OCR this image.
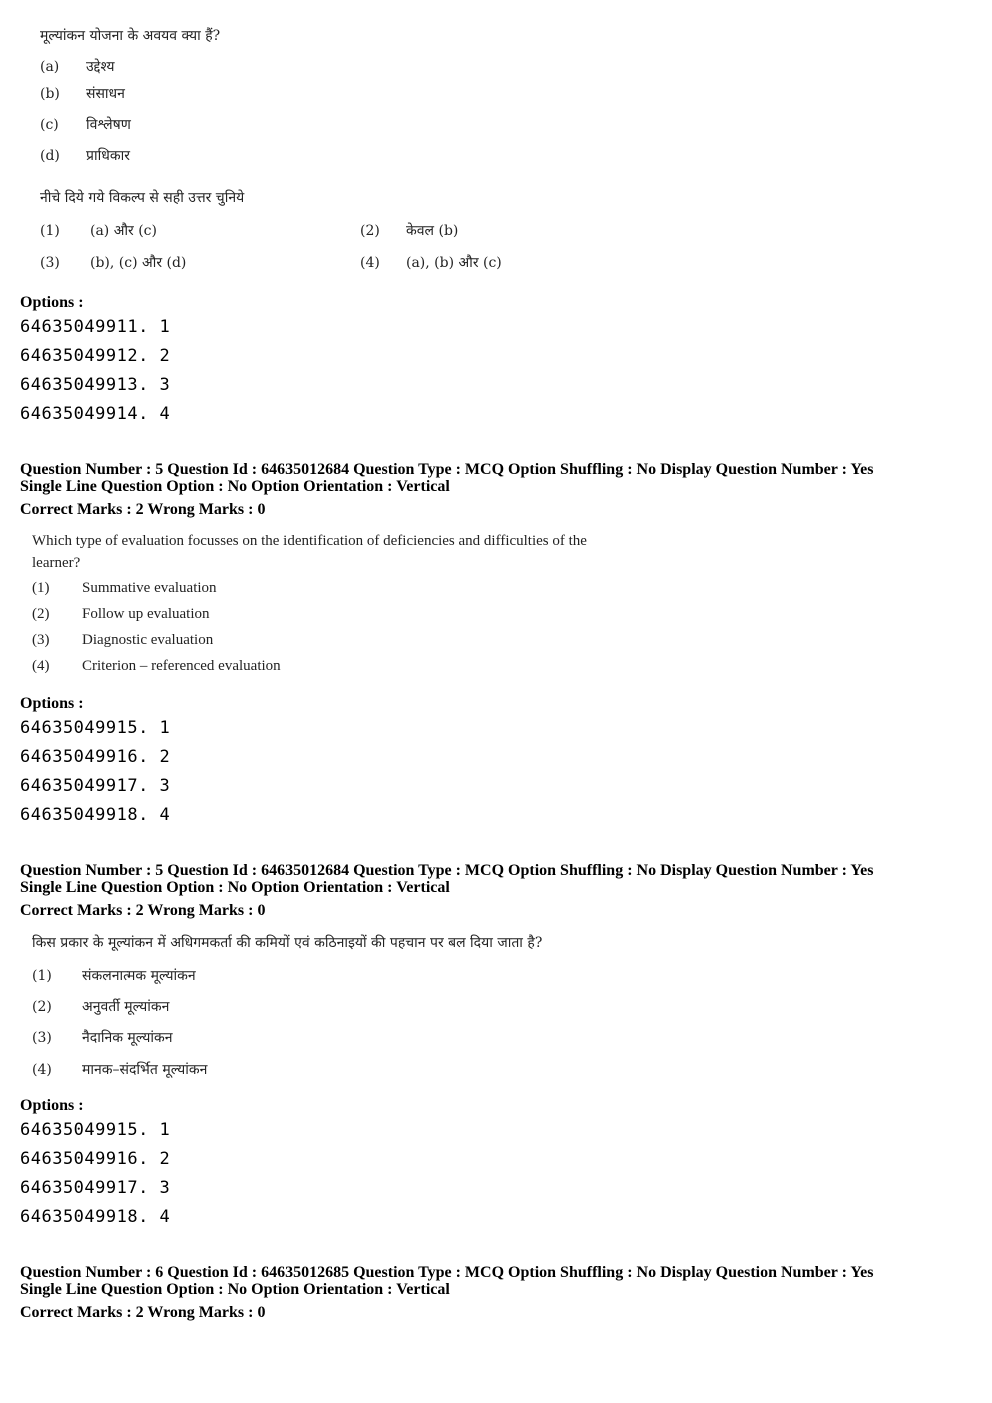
मूल्यांकन योजना के अवयव क्या हैं?
(a) उद्देश्य
(b) संसाधन
(c) विश्लेषण
(d) प्राधिकार
नीचे दिये गये विकल्प से सही उत्तर चुनिये
(1) (a) और (c)	(2) केवल (b)
(3) (b), (c) और (d)	(4) (a), (b) और (c)
Options :
64635049911. 1
64635049912. 2
64635049913. 3
64635049914. 4
Question Number : 5 Question Id : 64635012684 Question Type : MCQ Option Shuffling : No Display Question Number : Yes
Single Line Question Option : No Option Orientation : Vertical
Correct Marks : 2 Wrong Marks : 0
Which type of evaluation focusses on the identification of deficiencies and difficulties of the
learner?
(1) Summative evaluation
(2) Follow up evaluation
(3) Diagnostic evaluation
(4) Criterion – referenced evaluation
Options :
64635049915. 1
64635049916. 2
64635049917. 3
64635049918. 4
Question Number : 5 Question Id : 64635012684 Question Type : MCQ Option Shuffling : No Display Question Number : Yes
Single Line Question Option : No Option Orientation : Vertical
Correct Marks : 2 Wrong Marks : 0
किस प्रकार के मूल्यांकन में अधिगमकर्ता की कमियों एवं कठिनाइयों की पहचान पर बल दिया जाता है?
(1) संकलनात्मक मूल्यांकन
(2) अनुवर्ती मूल्यांकन
(3) नैदानिक मूल्यांकन
(4) मानक–संदर्भित मूल्यांकन
Options :
64635049915. 1
64635049916. 2
64635049917. 3
64635049918. 4
Question Number : 6 Question Id : 64635012685 Question Type : MCQ Option Shuffling : No Display Question Number : Yes
Single Line Question Option : No Option Orientation : Vertical
Correct Marks : 2 Wrong Marks : 0
